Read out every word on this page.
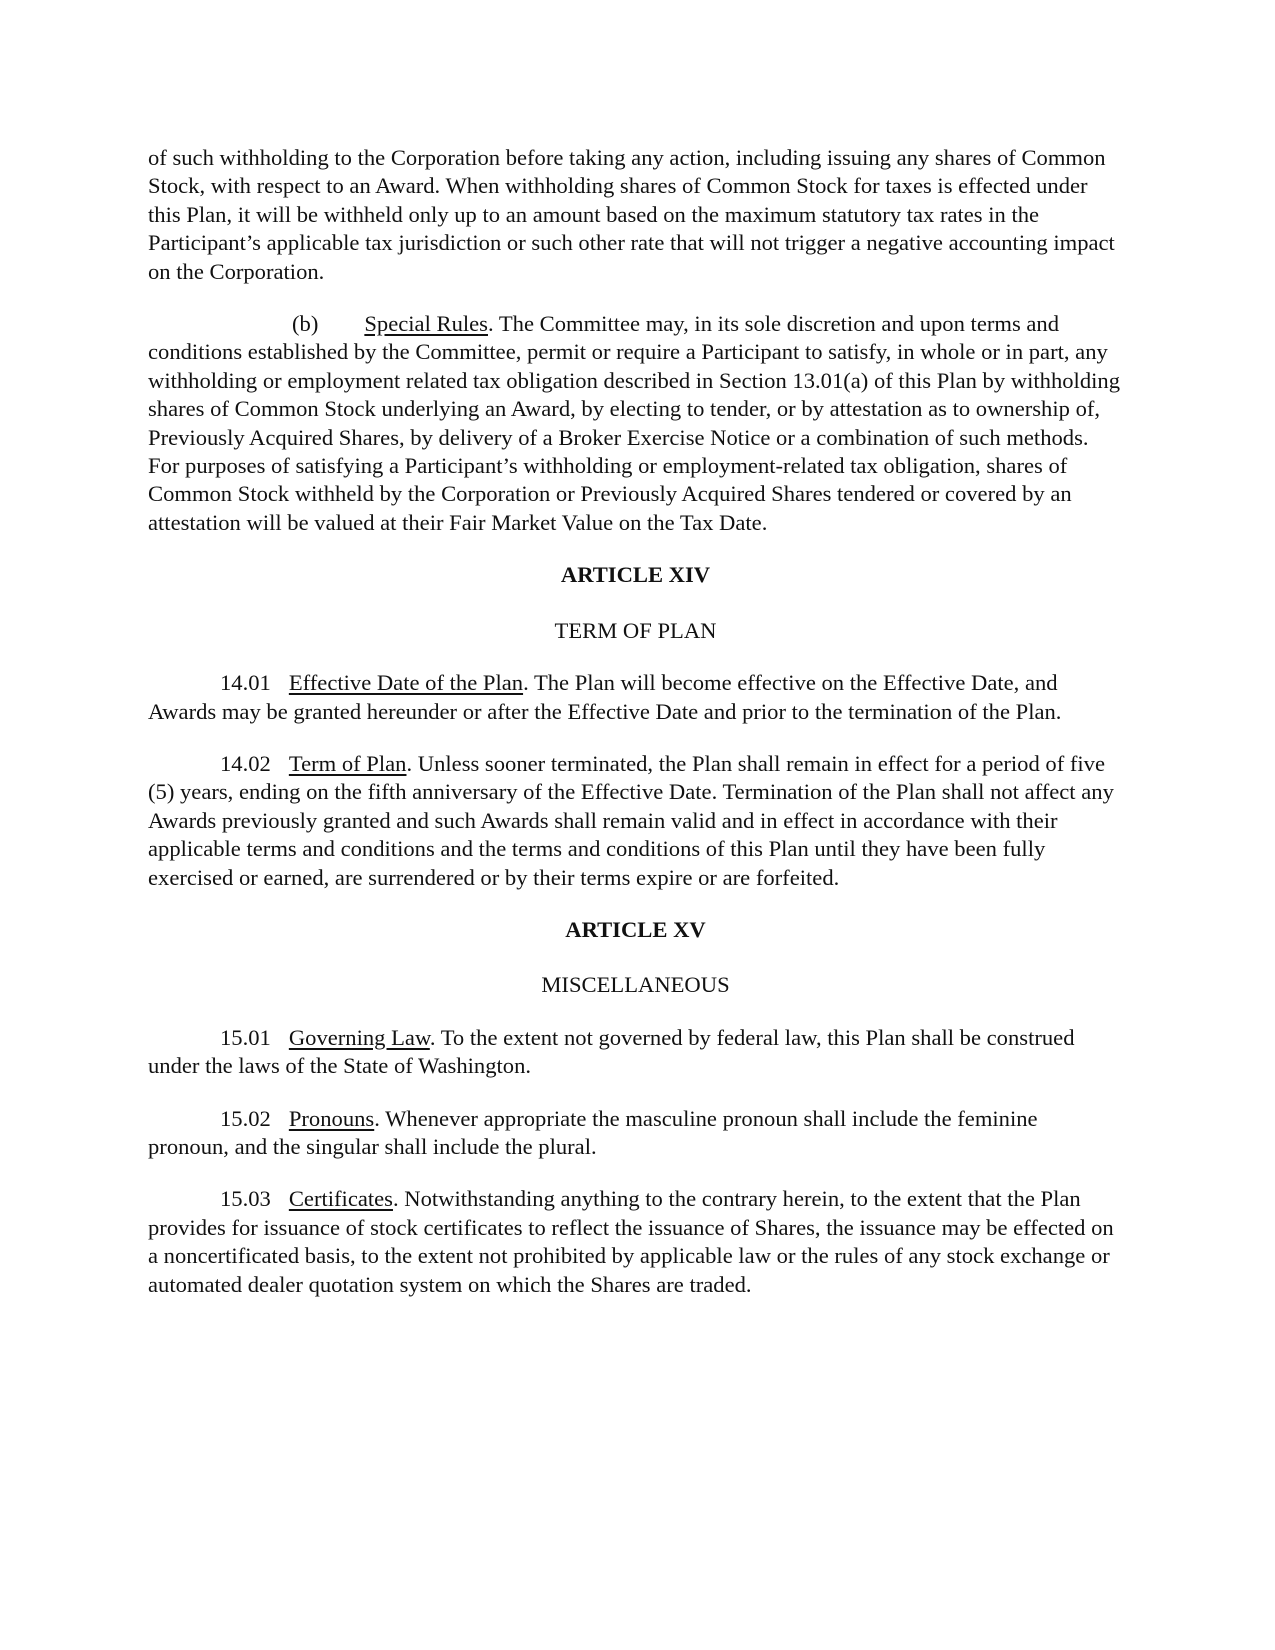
of such withholding to the Corporation before taking any action, including issuing any shares of Common Stock, with respect to an Award. When withholding shares of Common Stock for taxes is effected under this Plan, it will be withheld only up to an amount based on the maximum statutory tax rates in the Participant’s applicable tax jurisdiction or such other rate that will not trigger a negative accounting impact on the Corporation.

(b) Special Rules. The Committee may, in its sole discretion and upon terms and conditions established by the Committee, permit or require a Participant to satisfy, in whole or in part, any withholding or employment related tax obligation described in Section 13.01(a) of this Plan by withholding shares of Common Stock underlying an Award, by electing to tender, or by attestation as to ownership of, Previously Acquired Shares, by delivery of a Broker Exercise Notice or a combination of such methods. For purposes of satisfying a Participant’s withholding or employment-related tax obligation, shares of Common Stock withheld by the Corporation or Previously Acquired Shares tendered or covered by an attestation will be valued at their Fair Market Value on the Tax Date.

ARTICLE XIV
TERM OF PLAN

14.01 Effective Date of the Plan. The Plan will become effective on the Effective Date, and Awards may be granted hereunder or after the Effective Date and prior to the termination of the Plan.

14.02 Term of Plan. Unless sooner terminated, the Plan shall remain in effect for a period of five (5) years, ending on the fifth anniversary of the Effective Date. Termination of the Plan shall not affect any Awards previously granted and such Awards shall remain valid and in effect in accordance with their applicable terms and conditions and the terms and conditions of this Plan until they have been fully exercised or earned, are surrendered or by their terms expire or are forfeited.

ARTICLE XV
MISCELLANEOUS

15.01 Governing Law. To the extent not governed by federal law, this Plan shall be construed under the laws of the State of Washington.

15.02 Pronouns. Whenever appropriate the masculine pronoun shall include the feminine pronoun, and the singular shall include the plural.

15.03 Certificates. Notwithstanding anything to the contrary herein, to the extent that the Plan provides for issuance of stock certificates to reflect the issuance of Shares, the issuance may be effected on a noncertificated basis, to the extent not prohibited by applicable law or the rules of any stock exchange or automated dealer quotation system on which the Shares are traded.
